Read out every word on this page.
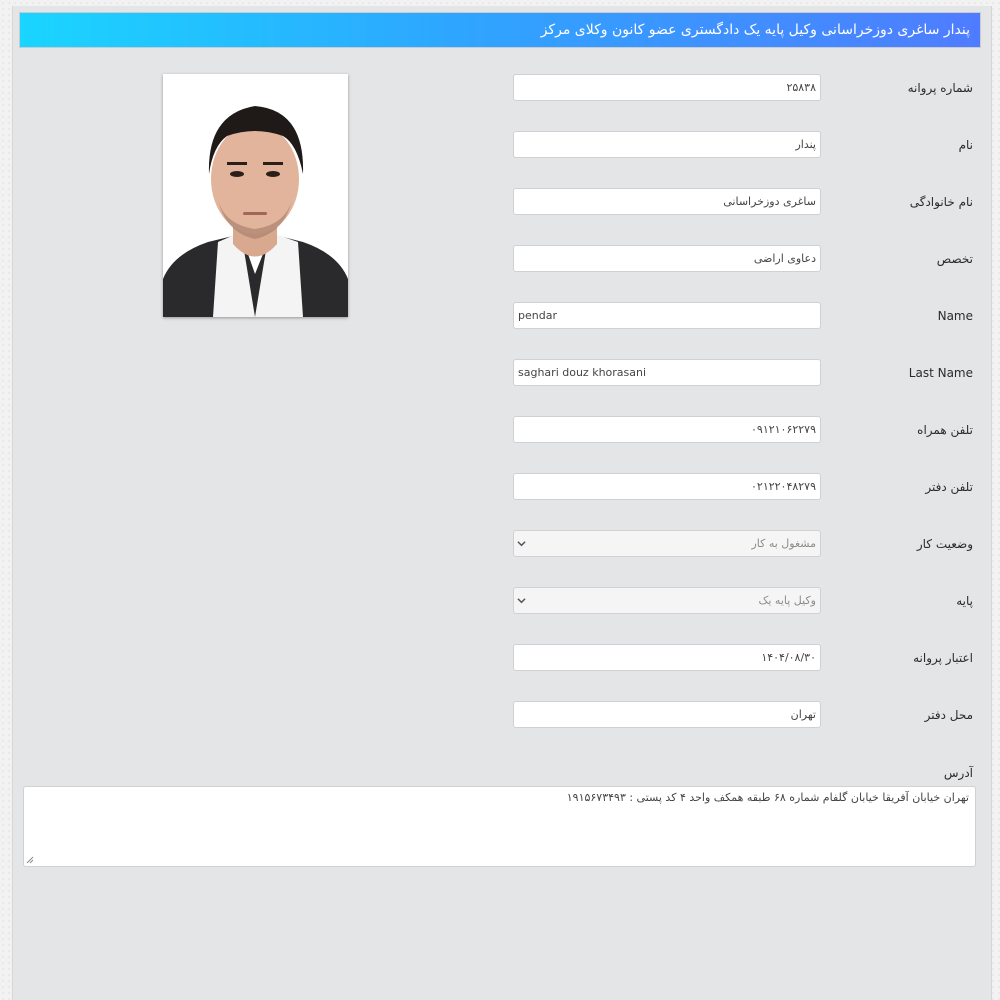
پندار ساغری دوزخراسانی وکیل پایه یک دادگستری عضو کانون وکلای مرکز
شماره پروانه
۲۵۸۳۸
نام
پندار
نام خانوادگی
ساغری دوزخراسانی
تخصص
دعاوی اراضی
Name
pendar
Last Name
saghari douz khorasani
تلفن همراه
۰۹۱۲۱۰۶۲۲۷۹
تلفن دفتر
۰۲۱۲۲۰۴۸۲۷۹
وضعیت کار
مشغول به کار
پایه
وکیل پایه یک
اعتبار پروانه
۱۴۰۴/۰۸/۳۰
محل دفتر
تهران
آدرس
تهران خیابان آفریقا خیابان گلفام شماره ۶۸ طبقه همکف واحد ۴ کد پستی : ۱۹۱۵۶۷۳۴۹۳
